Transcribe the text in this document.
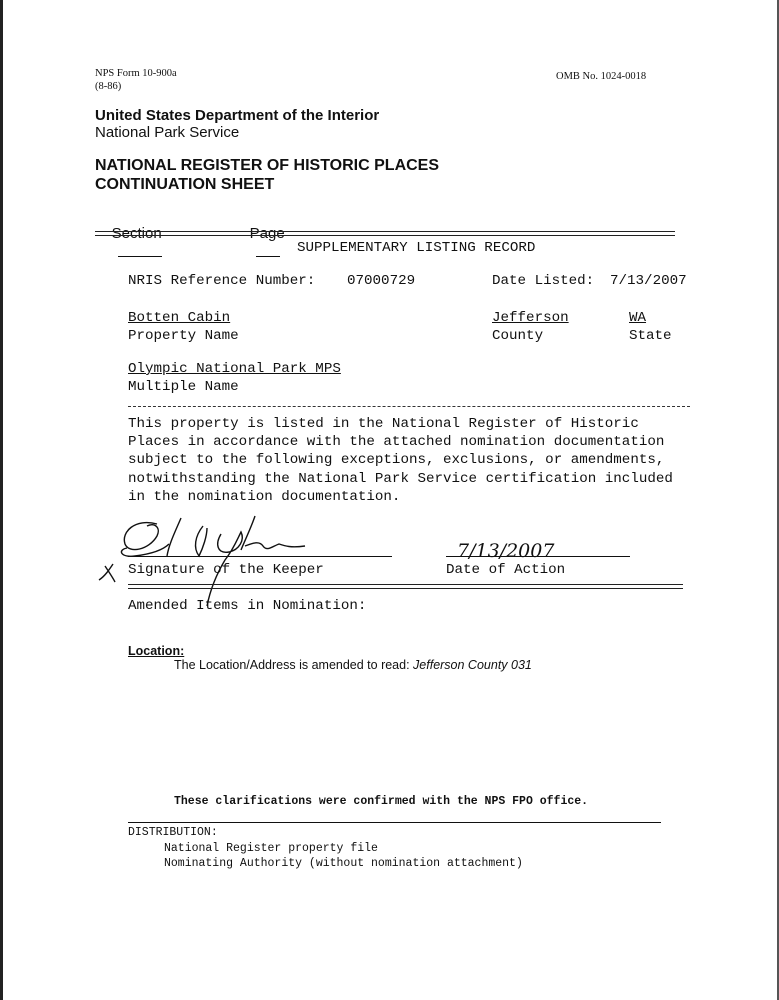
NPS Form 10-900a
(8-86)
OMB No. 1024-0018
United States Department of the Interior
National Park Service
NATIONAL REGISTER OF HISTORIC PLACES
CONTINUATION SHEET

Section

	Page

SUPPLEMENTARY LISTING RECORD
NRIS Reference Number: 07000729	Date Listed: 7/13/2007
Botten Cabin	Jefferson	WA
Property Name	County	State
Olympic National Park MPS
Multiple Name
This property is listed in the National Register of Historic
Places in accordance with the attached nomination documentation
subject to the following exceptions, exclusions, or amendments,
notwithstanding the National Park Service certification included
in the nomination documentation.
7/13/2007
Signature of the Keeper	Date of Action
Amended Items in Nomination:
Location:
The Location/Address is amended to read: Jefferson County 031
These clarifications were confirmed with the NPS FPO office.
DISTRIBUTION:
National Register property file
Nominating Authority (without nomination attachment)
